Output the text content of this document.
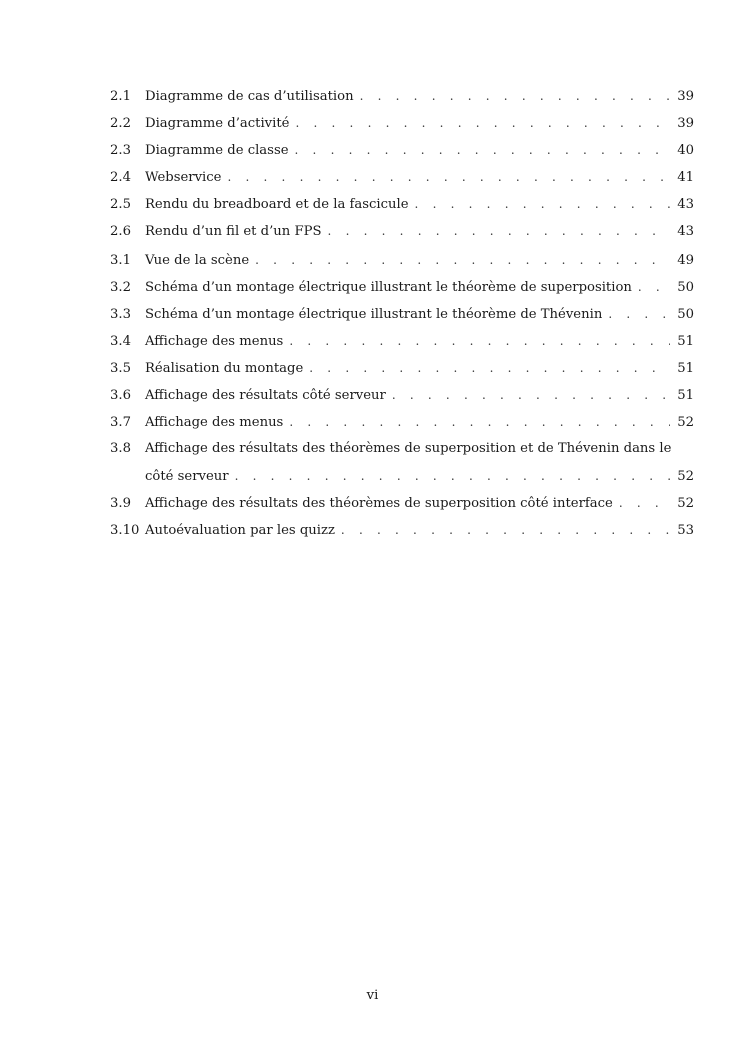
2.1	Diagramme de cas d’utilisation . . .	39
2.2	Diagramme d’activité . . .	39
2.3	Diagramme de classe . . .	40
2.4	Webservice . . .	41
2.5	Rendu du breadboard et de la fascicule . . .	43
2.6	Rendu d’un fil et d’un FPS . . .	43
3.1	Vue de la scène . . .	49
3.2	Schéma d’un montage électrique illustrant le théorème de superposition . . .	50
3.3	Schéma d’un montage électrique illustrant le théorème de Thévenin . . .	50
3.4	Affichage des menus . . .	51
3.5	Réalisation du montage . . .	51
3.6	Affichage des résultats côté serveur . . .	51
3.7	Affichage des menus . . .	52
3.8	Affichage des résultats des théorèmes de superposition et de Thévenin dans le
côté serveur . . .	52
3.9	Affichage des résultats des théorèmes de superposition côté interface . . .	52
3.10 Autoévaluation par les quizz . . .	53
vi
